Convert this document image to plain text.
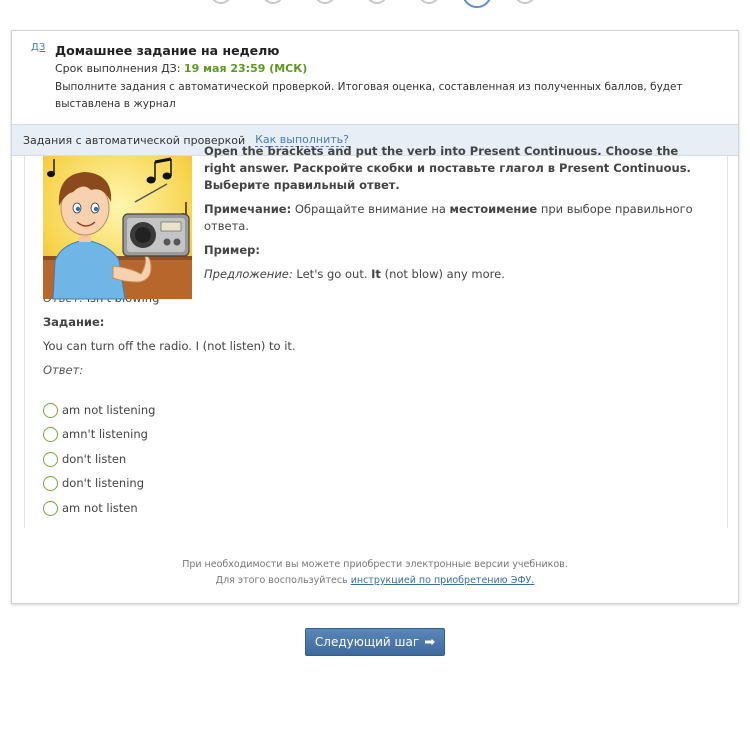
ДЗ Домашнее задание на неделю
Срок выполнения ДЗ: 19 мая 23:59 (МСК)
Выполните задания с автоматической проверкой. Итоговая оценка, составленная из полученных баллов, будет выставлена в журнал
Задания с автоматической проверкой Как выполнить?

Open the brackets and put the verb into Present Continuous. Choose the right answer. Раскройте скобки и поставьте глагол в Present Continuous. Выберите правильный ответ.

Примечание: Обращайте внимание на местоимение при выборе правильного ответа.

Пример:

Предложение: Let's go out. It (not blow) any more.

Задание:

You can turn off the radio. I (not listen) to it.

Ответ:

am not listening
amn't listening
don't listen
don't listening
am not listen
При необходимости вы можете приобрести электронные версии учебников.
Для этого воспользуйтесь инструкцией по приобретению ЭФУ.
Следующий шаг ➡
